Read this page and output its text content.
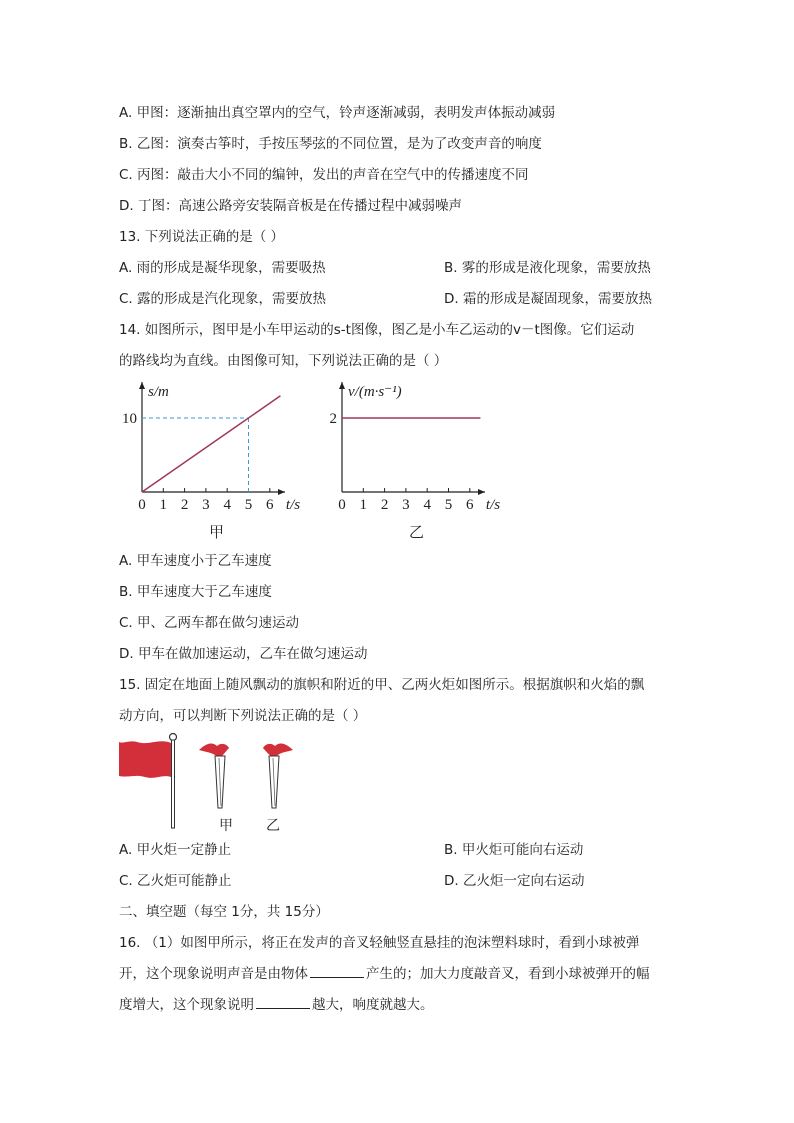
A. 甲图：逐渐抽出真空罩内的空气，铃声逐渐减弱，表明发声体振动减弱
B. 乙图：演奏古筝时，手按压琴弦的不同位置，是为了改变声音的响度
C. 丙图：敲击大小不同的编钟，发出的声音在空气中的传播速度不同
D. 丁图：高速公路旁安装隔音板是在传播过程中减弱噪声
13. 下列说法正确的是（ ）
A. 雨的形成是凝华现象，需要吸热	B. 雾的形成是液化现象，需要放热
C. 露的形成是汽化现象，需要放热	D. 霜的形成是凝固现象，需要放热
14. 如图所示，图甲是小车甲运动的s-t图像，图乙是小车乙运动的v－t图像。它们运动
的路线均为直线。由图像可知，下列说法正确的是（ ）
0 1 2 3 4 5 6 t/s
s/m
10
甲
0 1 2 3 4 5 6 t/s
v/(m·s⁻¹)
2
乙
A. 甲车速度小于乙车速度
B. 甲车速度大于乙车速度
C. 甲、乙两车都在做匀速运动
D. 甲车在做加速运动，乙车在做匀速运动
15. 固定在地面上随风飘动的旗帜和附近的甲、乙两火炬如图所示。根据旗帜和火焰的飘
动方向，可以判断下列说法正确的是（ ）
甲 乙
A. 甲火炬一定静止	B. 甲火炬可能向右运动
C. 乙火炬可能静止	D. 乙火炬一定向右运动
二、填空题（每空 1分，共 15分）
16. （1）如图甲所示，将正在发声的音叉轻触竖直悬挂的泡沫塑料球时，看到小球被弹
开，这个现象说明声音是由物体	产生的；加大力度敲音叉，看到小球被弹开的幅
度增大，这个现象说明	越大，响度就越大。
